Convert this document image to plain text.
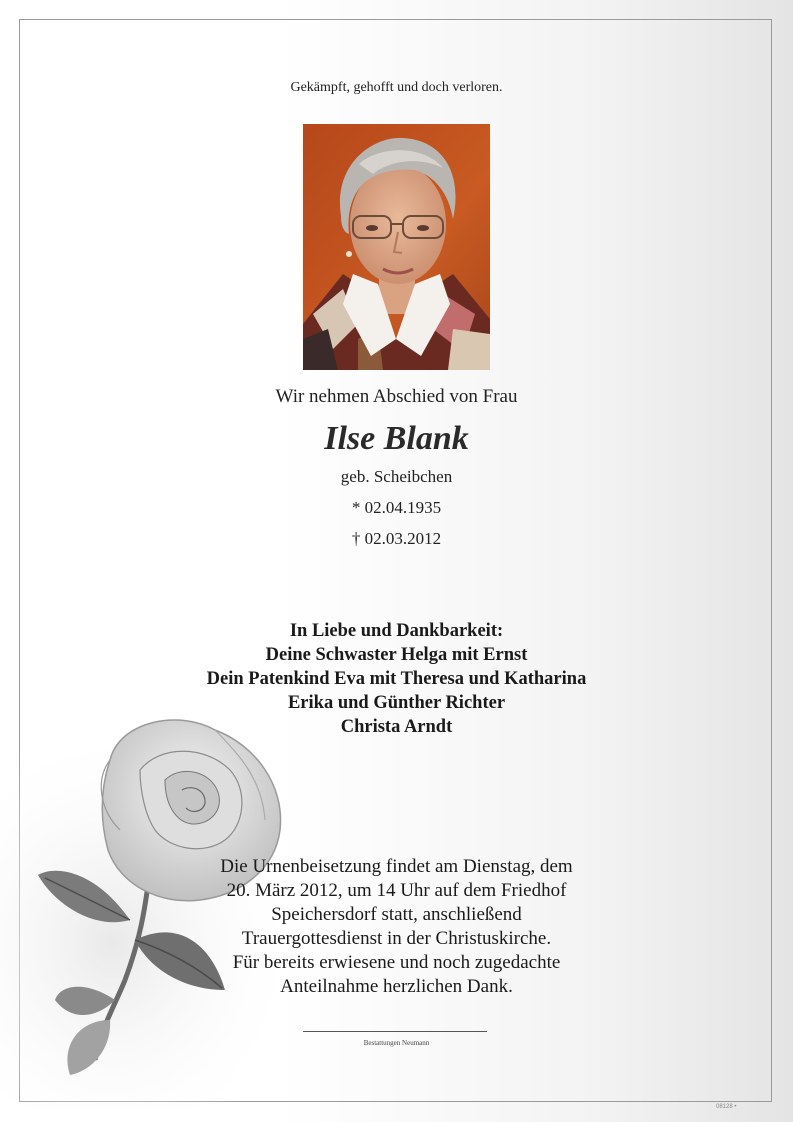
Gekämpft, gehofft und doch verloren.
Wir nehmen Abschied von Frau
Ilse Blank
geb. Scheibchen
* 02.04.1935
† 02.03.2012
In Liebe und Dankbarkeit:
Deine Schwaster Helga mit Ernst
Dein Patenkind Eva mit Theresa und Katharina
Erika und Günther Richter
Christa Arndt
Die Urnenbeisetzung findet am Dienstag, dem
20. März 2012, um 14 Uhr auf dem Friedhof
Speichersdorf statt, anschließend
Trauergottesdienst in der Christuskirche.
Für bereits erwiesene und noch zugedachte
Anteilnahme herzlichen Dank.
Bestattungen Neumann
08128 •
